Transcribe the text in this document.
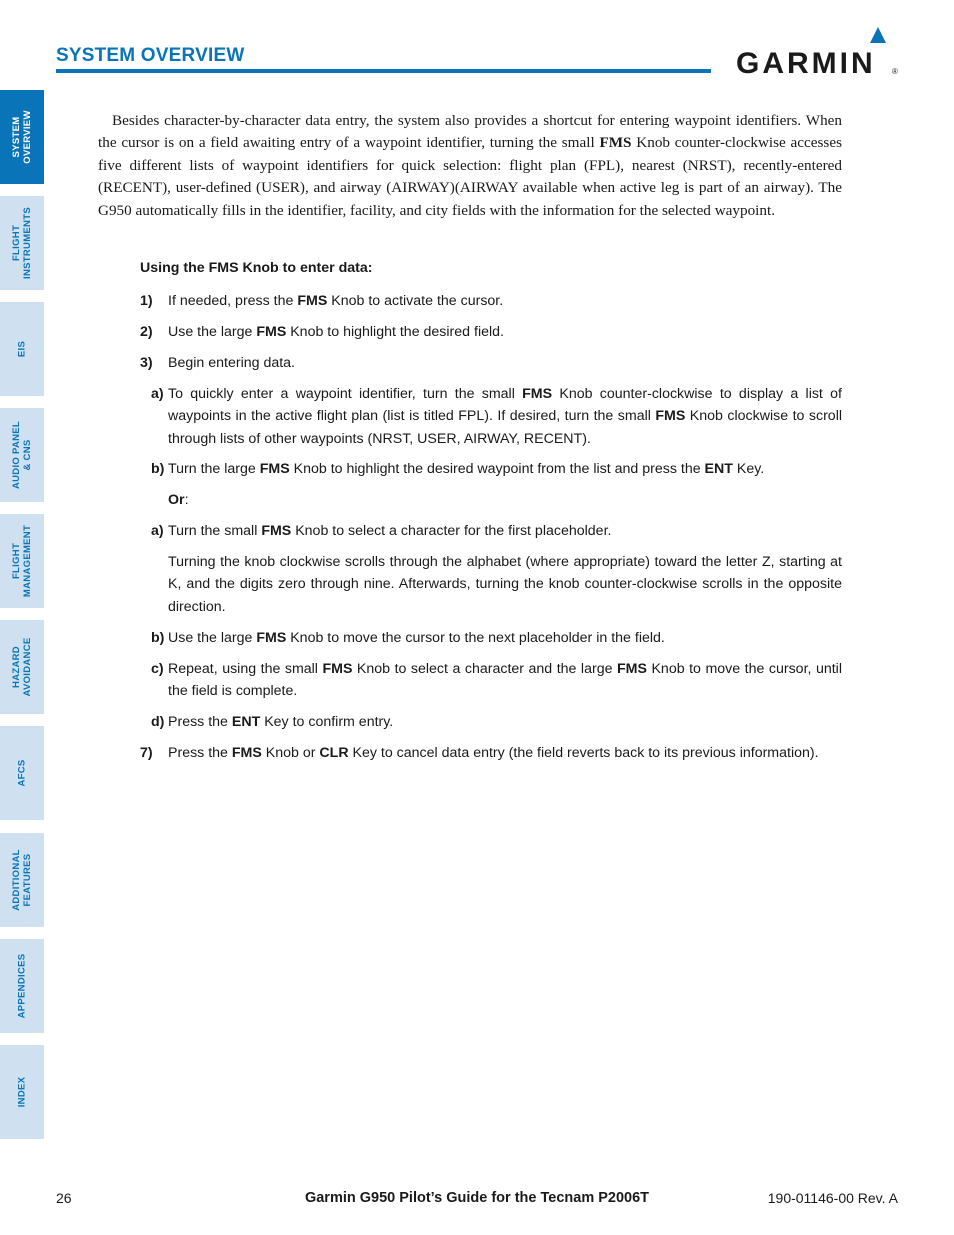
SYSTEM OVERVIEW	GARMIN ®
SYSTEM
OVERVIEW
FLIGHT
INSTRUMENTS
EIS
AUDIO PANEL
& CNS
FLIGHT
MANAGEMENT
HAZARD
AVOIDANCE
AFCS
ADDITIONAL
FEATURES
APPENDICES
INDEX
Besides character-by-character data entry, the system also provides a shortcut for entering waypoint identifiers. When the cursor is on a field awaiting entry of a waypoint identifier, turning the small FMS Knob counter-clockwise accesses five different lists of waypoint identifiers for quick selection: flight plan (FPL), nearest (NRST), recently-entered (RECENT), user-defined (USER), and airway (AIRWAY)(AIRWAY available when active leg is part of an airway). The G950 automatically fills in the identifier, facility, and city fields with the information for the selected waypoint.
Using the FMS Knob to enter data:
1) If needed, press the FMS Knob to activate the cursor.
2) Use the large FMS Knob to highlight the desired field.
3) Begin entering data.
a) To quickly enter a waypoint identifier, turn the small FMS Knob counter-clockwise to display a list of waypoints in the active flight plan (list is titled FPL). If desired, turn the small FMS Knob clockwise to scroll through lists of other waypoints (NRST, USER, AIRWAY, RECENT).
b) Turn the large FMS Knob to highlight the desired waypoint from the list and press the ENT Key.
Or:
a) Turn the small FMS Knob to select a character for the first placeholder.
Turning the knob clockwise scrolls through the alphabet (where appropriate) toward the letter Z, starting at K, and the digits zero through nine. Afterwards, turning the knob counter-clockwise scrolls in the opposite direction.
b) Use the large FMS Knob to move the cursor to the next placeholder in the field.
c) Repeat, using the small FMS Knob to select a character and the large FMS Knob to move the cursor, until the field is complete.
d) Press the ENT Key to confirm entry.
7) Press the FMS Knob or CLR Key to cancel data entry (the field reverts back to its previous information).
26	Garmin G950 Pilot’s Guide for the Tecnam P2006T	190-01146-00 Rev. A
